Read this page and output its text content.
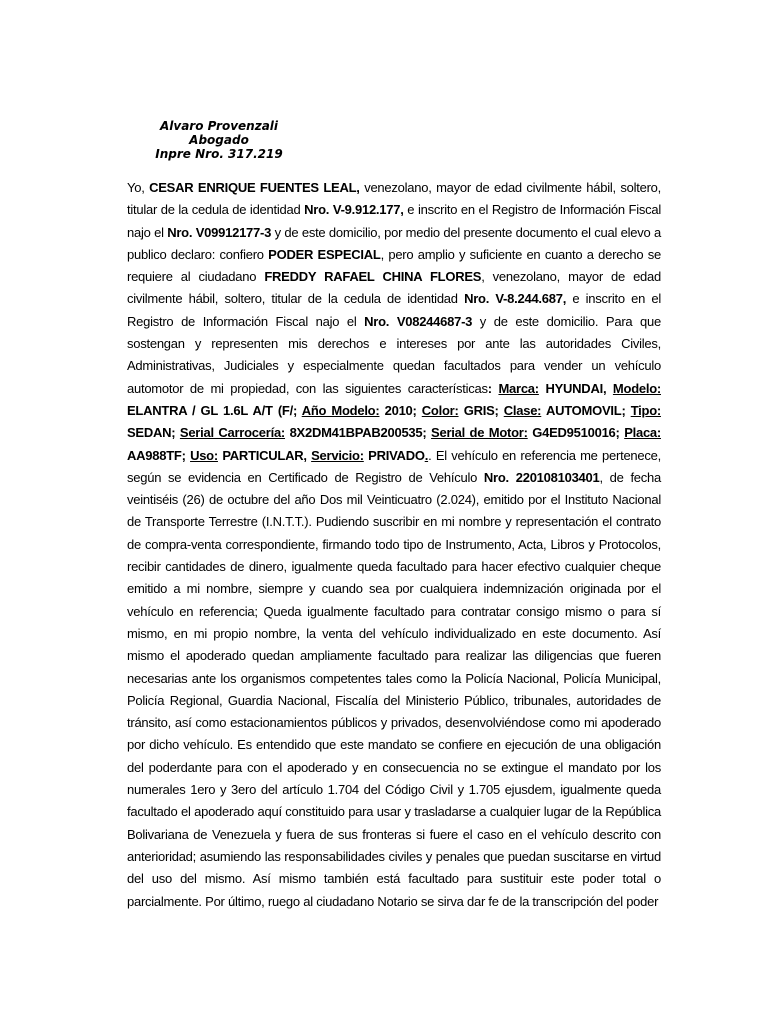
Alvaro Provenzali
Abogado
Inpre Nro. 317.219

Yo, CESAR ENRIQUE FUENTES LEAL, venezolano, mayor de edad civilmente hábil, soltero, titular de la cedula de identidad Nro. V-9.912.177, e inscrito en el Registro de Información Fiscal najo el Nro. V09912177-3 y de este domicilio, por medio del presente documento el cual elevo a publico declaro: confiero PODER ESPECIAL, pero amplio y suficiente en cuanto a derecho se requiere al ciudadano FREDDY RAFAEL CHINA FLORES, venezolano, mayor de edad civilmente hábil, soltero, titular de la cedula de identidad Nro. V-8.244.687, e inscrito en el Registro de Información Fiscal najo el Nro. V08244687-3 y de este domicilio. Para que sostengan y representen mis derechos e intereses por ante las autoridades Civiles, Administrativas, Judiciales y especialmente quedan facultados para vender un vehículo automotor de mi propiedad, con las siguientes características: Marca: HYUNDAI, Modelo: ELANTRA / GL 1.6L A/T (F/; Año Modelo: 2010; Color: GRIS; Clase: AUTOMOVIL; Tipo: SEDAN; Serial Carrocería: 8X2DM41BPAB200535; Serial de Motor: G4ED9510016; Placa: AA988TF; Uso: PARTICULAR, Servicio: PRIVADO.. El vehículo en referencia me pertenece, según se evidencia en Certificado de Registro de Vehículo Nro. 220108103401, de fecha veintiséis (26) de octubre del año Dos mil Veinticuatro (2.024), emitido por el Instituto Nacional de Transporte Terrestre (I.N.T.T.). Pudiendo suscribir en mi nombre y representación el contrato de compra-venta correspondiente, firmando todo tipo de Instrumento, Acta, Libros y Protocolos, recibir cantidades de dinero, igualmente queda facultado para hacer efectivo cualquier cheque emitido a mi nombre, siempre y cuando sea por cualquiera indemnización originada por el vehículo en referencia; Queda igualmente facultado para contratar consigo mismo o para sí mismo, en mi propio nombre, la venta del vehículo individualizado en este documento. Así mismo el apoderado quedan ampliamente facultado para realizar las diligencias que fueren necesarias ante los organismos competentes tales como la Policía Nacional, Policía Municipal, Policía Regional, Guardia Nacional, Fiscalía del Ministerio Público, tribunales, autoridades de tránsito, así como estacionamientos públicos y privados, desenvolviéndose como mi apoderado por dicho vehículo. Es entendido que este mandato se confiere en ejecución de una obligación del poderdante para con el apoderado y en consecuencia no se extingue el mandato por los numerales 1ero y 3ero del artículo 1.704 del Código Civil y 1.705 ejusdem, igualmente queda facultado el apoderado aquí constituido para usar y trasladarse a cualquier lugar de la República Bolivariana de Venezuela y fuera de sus fronteras si fuere el caso en el vehículo descrito con anterioridad; asumiendo las responsabilidades civiles y penales que puedan suscitarse en virtud del uso del mismo. Así mismo también está facultado para sustituir este poder total o parcialmente. Por último, ruego al ciudadano Notario se sirva dar fe de la transcripción del poder
